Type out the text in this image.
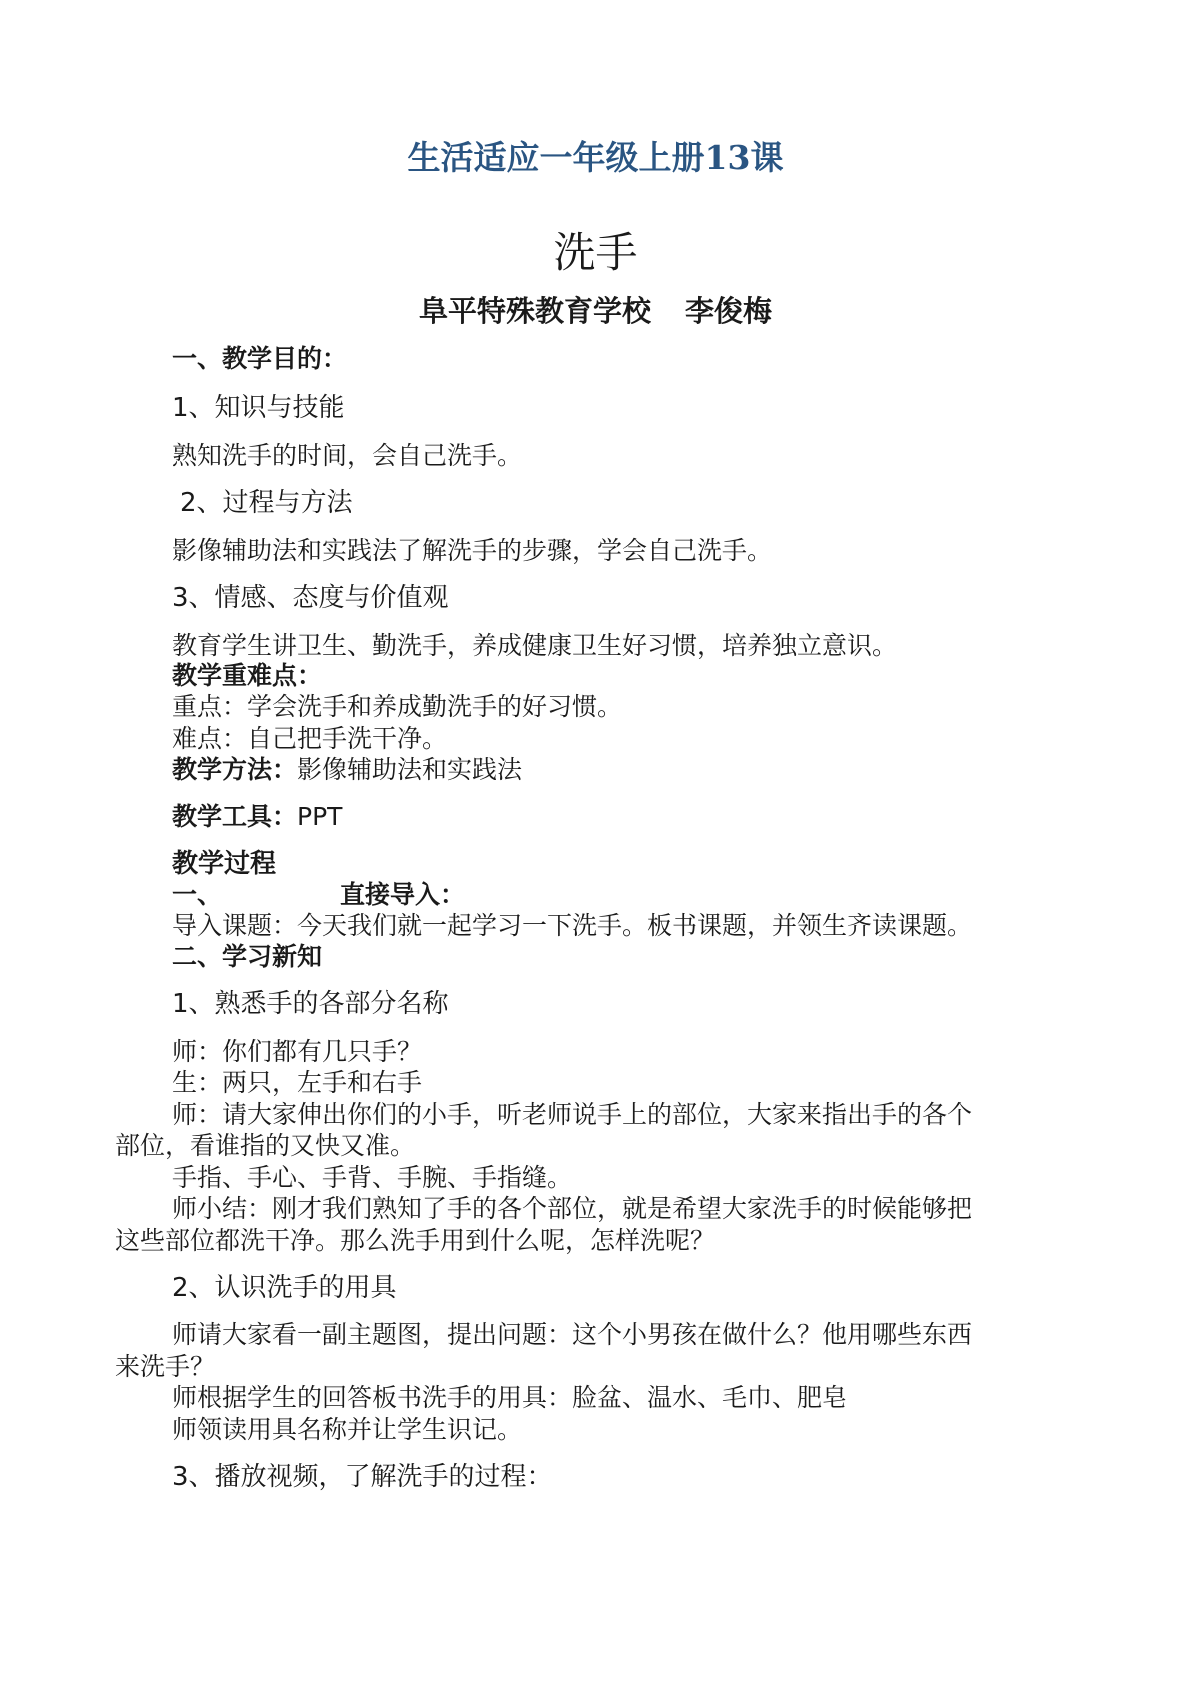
生活适应一年级上册13课
洗手
阜平特殊教育学校 李俊梅
一、教学目的：
1、知识与技能
熟知洗手的时间，会自己洗手。
2、过程与方法
影像辅助法和实践法了解洗手的步骤，学会自己洗手。
3、情感、态度与价值观
教育学生讲卫生、勤洗手，养成健康卫生好习惯，培养独立意识。
教学重难点：
重点：学会洗手和养成勤洗手的好习惯。
难点：自己把手洗干净。
教学方法：影像辅助法和实践法
教学工具：PPT
教学过程
一、	直接导入：
导入课题：今天我们就一起学习一下洗手。板书课题，并领生齐读课题。
二、学习新知
1、熟悉手的各部分名称
师：你们都有几只手？
生：两只，左手和右手
师：请大家伸出你们的小手，听老师说手上的部位，大家来指出手的各个
部位，看谁指的又快又准。
手指、手心、手背、手腕、手指缝。
师小结：刚才我们熟知了手的各个部位，就是希望大家洗手的时候能够把
这些部位都洗干净。那么洗手用到什么呢，怎样洗呢？
2、认识洗手的用具
师请大家看一副主题图，提出问题：这个小男孩在做什么？他用哪些东西
来洗手？
师根据学生的回答板书洗手的用具：脸盆、温水、毛巾、肥皂
师领读用具名称并让学生识记。
3、播放视频，了解洗手的过程：
